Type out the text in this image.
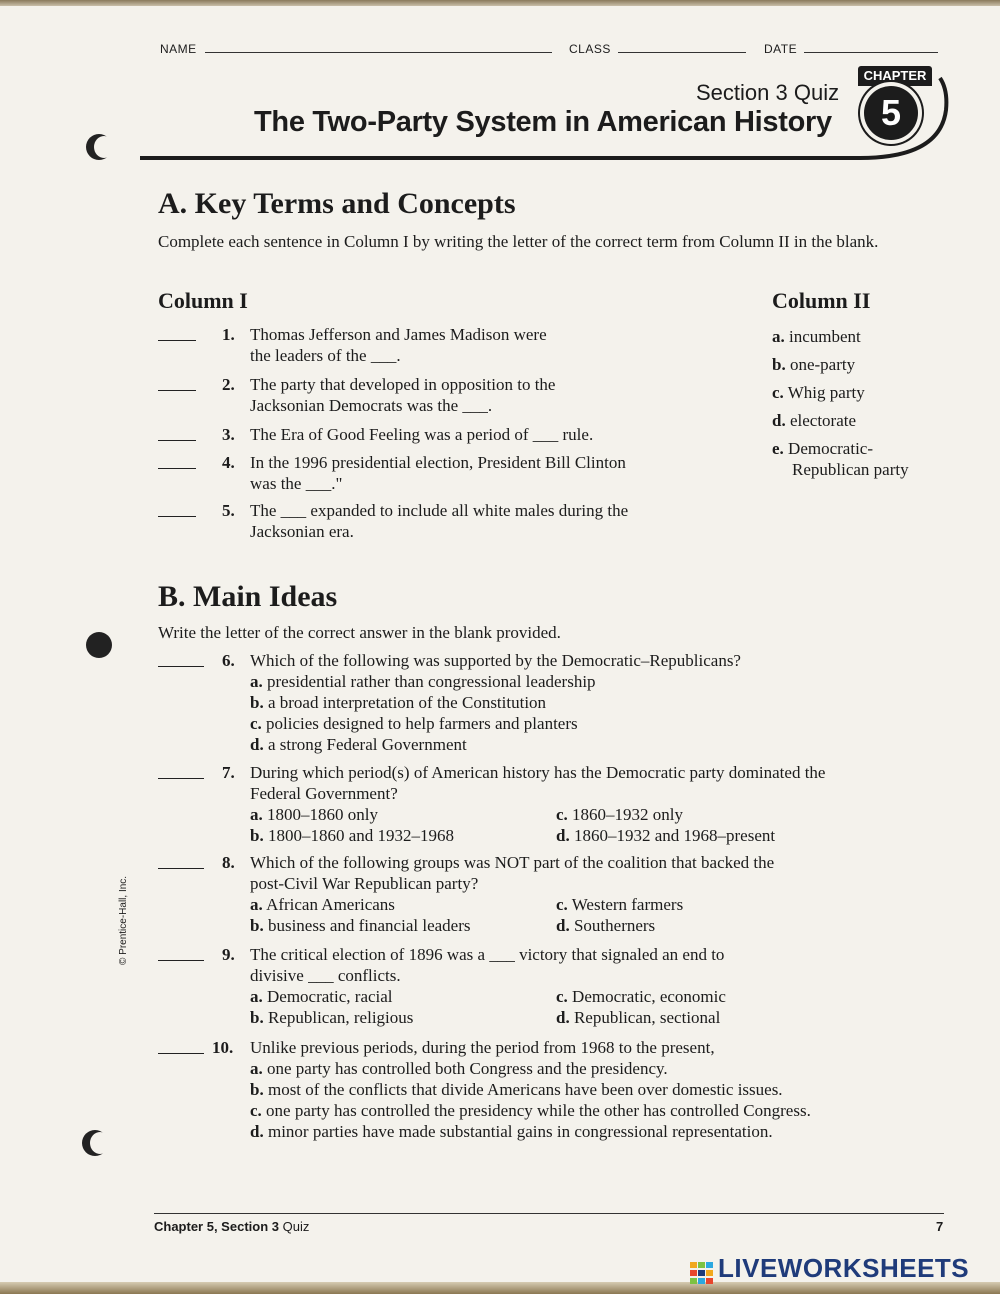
NAME	CLASS	DATE
Section 3 Quiz
The Two-Party System in American History
CHAPTER
5
A. Key Terms and Concepts
Complete each sentence in Column I by writing the letter of the correct term from Column II in the blank.
Column I	Column II
1. Thomas Jefferson and James Madison were
the leaders of the ___.
2. The party that developed in opposition to the
Jacksonian Democrats was the ___.
3. The Era of Good Feeling was a period of ___ rule.
4. In the 1996 presidential election, President Bill Clinton
was the ___."
5. The ___ expanded to include all white males during the
Jacksonian era.
a. incumbent
b. one-party
c. Whig party
d. electorate
e. Democratic-
Republican party
B. Main Ideas
Write the letter of the correct answer in the blank provided.
6. Which of the following was supported by the Democratic–Republicans?
a. presidential rather than congressional leadership
b. a broad interpretation of the Constitution
c. policies designed to help farmers and planters
d. a strong Federal Government
7. During which period(s) of American history has the Democratic party dominated the
Federal Government?
a. 1800–1860 only	c. 1860–1932 only
b. 1800–1860 and 1932–1968	d. 1860–1932 and 1968–present
8. Which of the following groups was NOT part of the coalition that backed the
post-Civil War Republican party?
a. African Americans	c. Western farmers
b. business and financial leaders	d. Southerners
9. The critical election of 1896 was a ___ victory that signaled an end to
divisive ___ conflicts.
a. Democratic, racial	c. Democratic, economic
b. Republican, religious	d. Republican, sectional
10. Unlike previous periods, during the period from 1968 to the present,
a. one party has controlled both Congress and the presidency.
b. most of the conflicts that divide Americans have been over domestic issues.
c. one party has controlled the presidency while the other has controlled Congress.
d. minor parties have made substantial gains in congressional representation.
© Prentice-Hall, Inc.
Chapter 5, Section 3 Quiz	7
LIVEWORKSHEETS
